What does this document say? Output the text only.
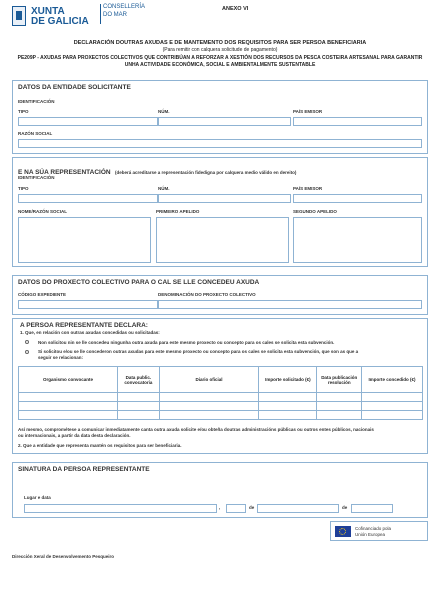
XUNTA
DE GALICIA
CONSELLERÍA
DO MAR
ANEXO VI
DECLARACIÓN DOUTRAS AXUDAS E DE MANTEMENTO DOS REQUISITOS PARA SER PERSOA BENEFICIARIA
(Para remitir con calquera solicitude de pagamento)
PE209P - AXUDAS PARA PROXECTOS COLECTIVOS QUE CONTRIBÚAN A REFORZAR A XESTIÓN DOS RECURSOS DA PESCA COSTEIRA ARTESANAL PARA GARANTIR
UNHA ACTIVIDADE ECONÓMICA, SOCIAL E AMBIENTALMENTE SUSTENTABLE
DATOS DA ENTIDADE SOLICITANTE
IDENTIFICACIÓN
TIPO	NÚM.	PAÍS EMISOR
RAZÓN SOCIAL
E NA SÚA REPRESENTACIÓN (deberá acreditarse a representación fidedigna por calquera medio válido en dereito)
IDENTIFICACIÓN
TIPO	NÚM.	PAÍS EMISOR
NOME/RAZÓN SOCIAL	PRIMEIRO APELIDO	SEGUNDO APELIDO
DATOS DO PROXECTO COLECTIVO PARA O CAL SE LLE CONCEDEU AXUDA
CÓDIGO EXPEDIENTE	DENOMINACIÓN DO PROXECTO COLECTIVO
A PERSOA REPRESENTANTE DECLARA:
1. Que, en relación con outras axudas concedidas ou solicitadas:
Non solicitou nin se lle concedeu ningunha outra axuda para este mesmo proxecto ou concepto para os cales se solicita esta subvención.
Si solicitou e/ou se lle concederon outras axudas para este mesmo proxecto ou concepto para os cales se solicita esta subvención, que son as que a
seguir se relacionan:
Organismo convocante	Data public. convocatoria	Diario oficial	Importe solicitado (€)	Data publicación resolución	Importe concedido (€)

Así mesmo, comprométese a comunicar inmediatamente canta outra axuda solicite e/ou obteña doutras administracións públicas ou outros entes públicos, nacionais
ou internacionais, a partir da data desta declaración.
2. Que a entidade que representa mantén os requisitos para ser beneficiaria.
SINATURA DA PERSOA REPRESENTANTE
Lugar e data
,	de	de
Cofinanciado pola
Unión Europea
Dirección Xeral de Desenvolvemento Pesqueiro
